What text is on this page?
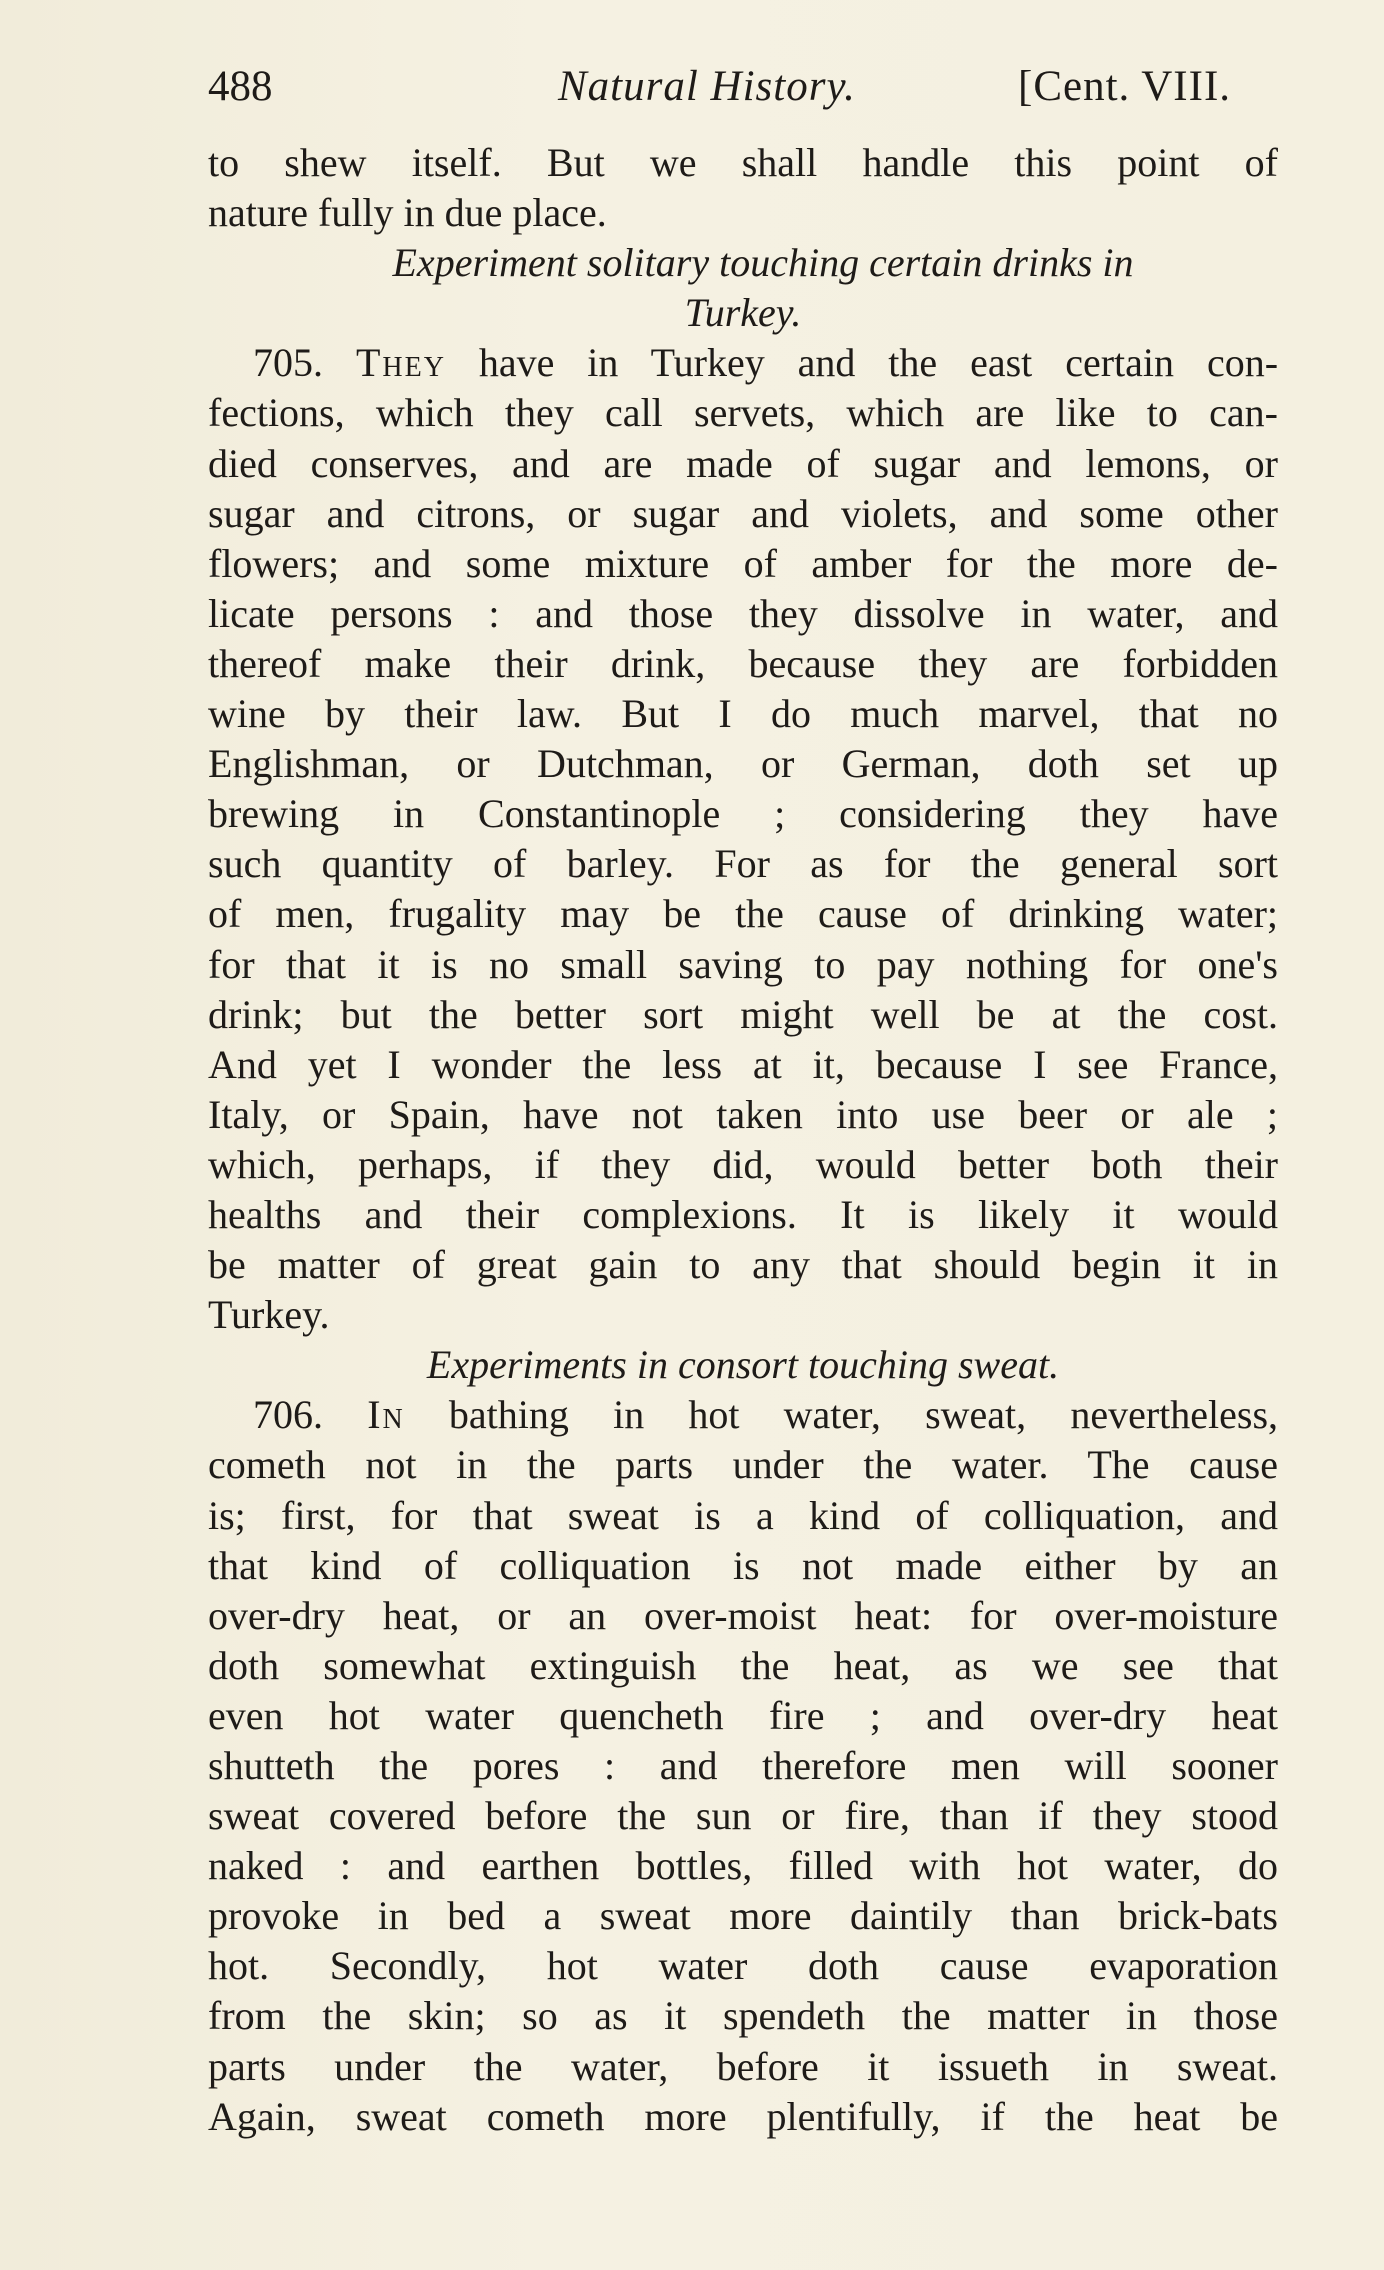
488	Natural History.	[Cent. VIII.
to shew itself. But we shall handle this point of
nature fully in due place.
Experiment solitary touching certain drinks in
Turkey.
705. They have in Turkey and the east certain con-
fections, which they call servets, which are like to can-
died conserves, and are made of sugar and lemons, or
sugar and citrons, or sugar and violets, and some other
flowers; and some mixture of amber for the more de-
licate persons : and those they dissolve in water, and
thereof make their drink, because they are forbidden
wine by their law. But I do much marvel, that no
Englishman, or Dutchman, or German, doth set up
brewing in Constantinople ; considering they have
such quantity of barley. For as for the general sort
of men, frugality may be the cause of drinking water;
for that it is no small saving to pay nothing for one's
drink; but the better sort might well be at the cost.
And yet I wonder the less at it, because I see France,
Italy, or Spain, have not taken into use beer or ale ;
which, perhaps, if they did, would better both their
healths and their complexions. It is likely it would
be matter of great gain to any that should begin it in
Turkey.
Experiments in consort touching sweat.
706. In bathing in hot water, sweat, nevertheless,
cometh not in the parts under the water. The cause
is; first, for that sweat is a kind of colliquation, and
that kind of colliquation is not made either by an
over-dry heat, or an over-moist heat: for over-moisture
doth somewhat extinguish the heat, as we see that
even hot water quencheth fire ; and over-dry heat
shutteth the pores : and therefore men will sooner
sweat covered before the sun or fire, than if they stood
naked : and earthen bottles, filled with hot water, do
provoke in bed a sweat more daintily than brick-bats
hot. Secondly, hot water doth cause evaporation
from the skin; so as it spendeth the matter in those
parts under the water, before it issueth in sweat.
Again, sweat cometh more plentifully, if the heat be
